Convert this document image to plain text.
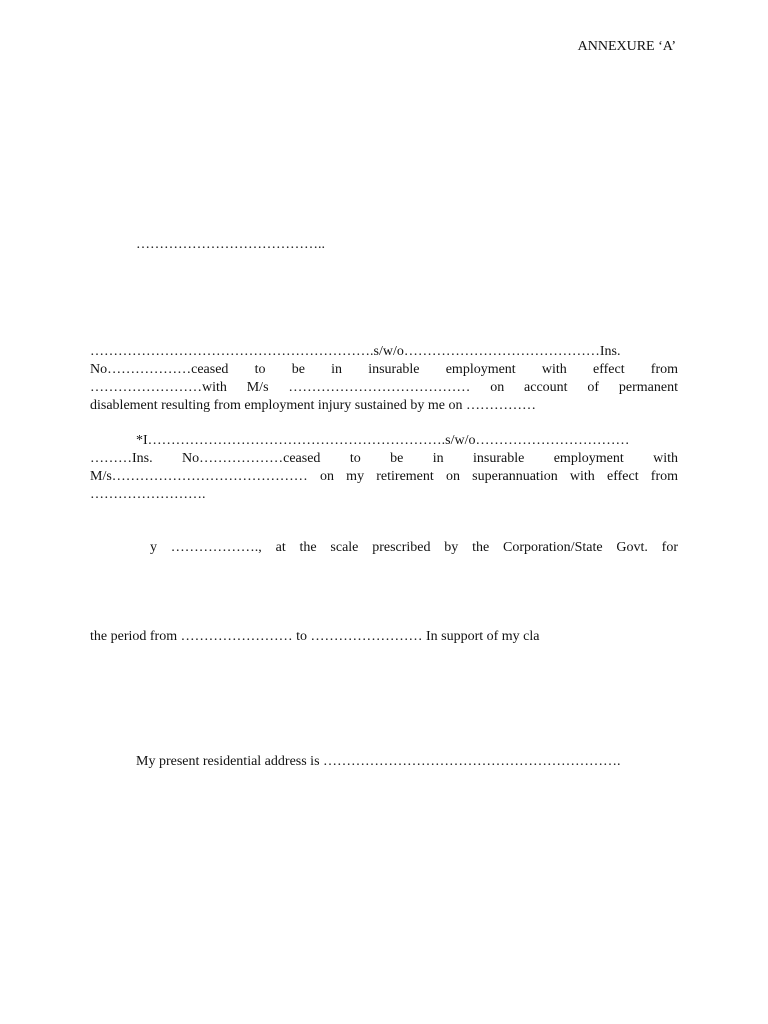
ANNEXURE ‘A’
…………………………………..

…………………………………………………….s/w/o……………………………………Ins.

No………………ceased to be in insurable employment with effect from

……………………with M/s ………………………………… on account of permanent

disablement resulting from employment injury sustained by me on ……………

*I……………………………………………………….s/w/o……………………………

………Ins. No………………ceased to be in insurable employment with

M/s…………………………………… on my retirement on superannuation with effect from

…………………….

y ………………., at the scale prescribed by the Corporation/State Govt. for
the period from …………………… to …………………… In support of my cla
My present residential address is ……………………………………………………….
